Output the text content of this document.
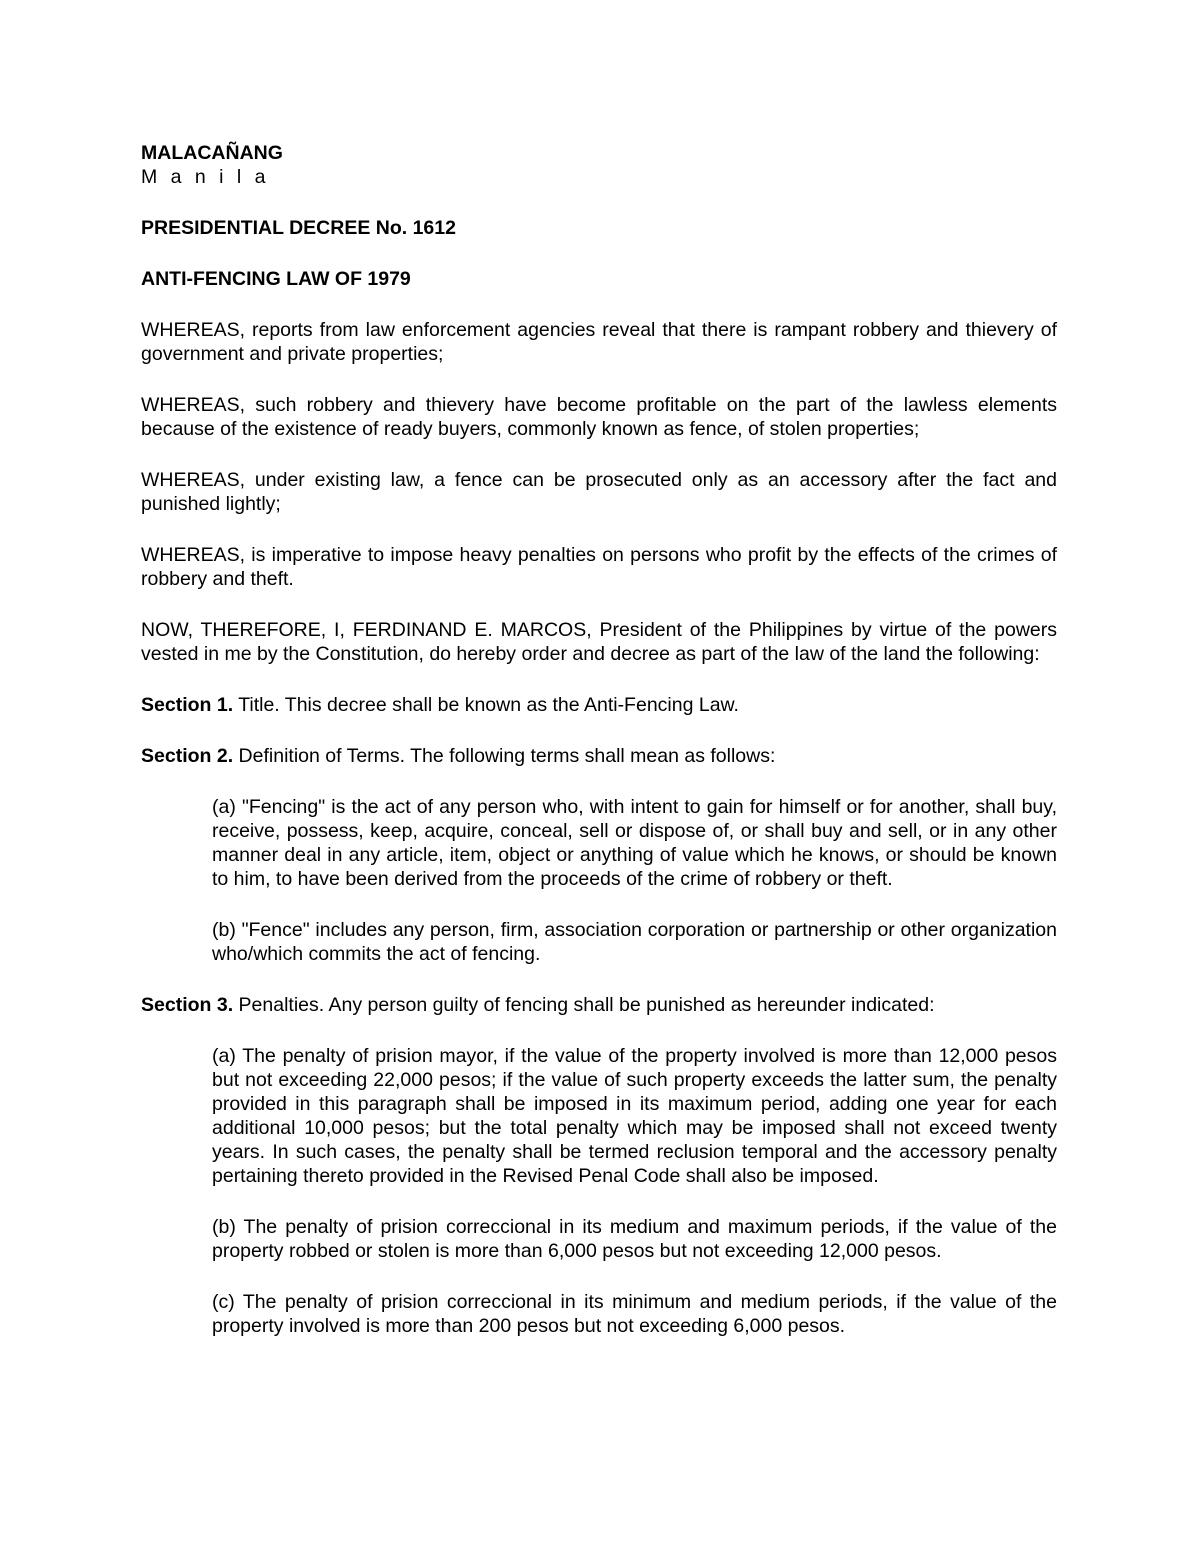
MALACAÑANG
M a n i l a
PRESIDENTIAL DECREE No. 1612
ANTI-FENCING LAW OF 1979

WHEREAS, reports from law enforcement agencies reveal that there is rampant robbery and thievery of government and private properties;

WHEREAS, such robbery and thievery have become profitable on the part of the lawless elements because of the existence of ready buyers, commonly known as fence, of stolen properties;

WHEREAS, under existing law, a fence can be prosecuted only as an accessory after the fact and punished lightly;

WHEREAS, is imperative to impose heavy penalties on persons who profit by the effects of the crimes of robbery and theft.

NOW, THEREFORE, I, FERDINAND E. MARCOS, President of the Philippines by virtue of the powers vested in me by the Constitution, do hereby order and decree as part of the law of the land the following:

Section 1. Title. This decree shall be known as the Anti-Fencing Law.

Section 2. Definition of Terms. The following terms shall mean as follows:

(a) "Fencing" is the act of any person who, with intent to gain for himself or for another, shall buy, receive, possess, keep, acquire, conceal, sell or dispose of, or shall buy and sell, or in any other manner deal in any article, item, object or anything of value which he knows, or should be known to him, to have been derived from the proceeds of the crime of robbery or theft.

(b) "Fence" includes any person, firm, association corporation or partnership or other organization who/which commits the act of fencing.

Section 3. Penalties. Any person guilty of fencing shall be punished as hereunder indicated:

(a) The penalty of prision mayor, if the value of the property involved is more than 12,000 pesos but not exceeding 22,000 pesos; if the value of such property exceeds the latter sum, the penalty provided in this paragraph shall be imposed in its maximum period, adding one year for each additional 10,000 pesos; but the total penalty which may be imposed shall not exceed twenty years. In such cases, the penalty shall be termed reclusion temporal and the accessory penalty pertaining thereto provided in the Revised Penal Code shall also be imposed.

(b) The penalty of prision correccional in its medium and maximum periods, if the value of the property robbed or stolen is more than 6,000 pesos but not exceeding 12,000 pesos.

(c) The penalty of prision correccional in its minimum and medium periods, if the value of the property involved is more than 200 pesos but not exceeding 6,000 pesos.
